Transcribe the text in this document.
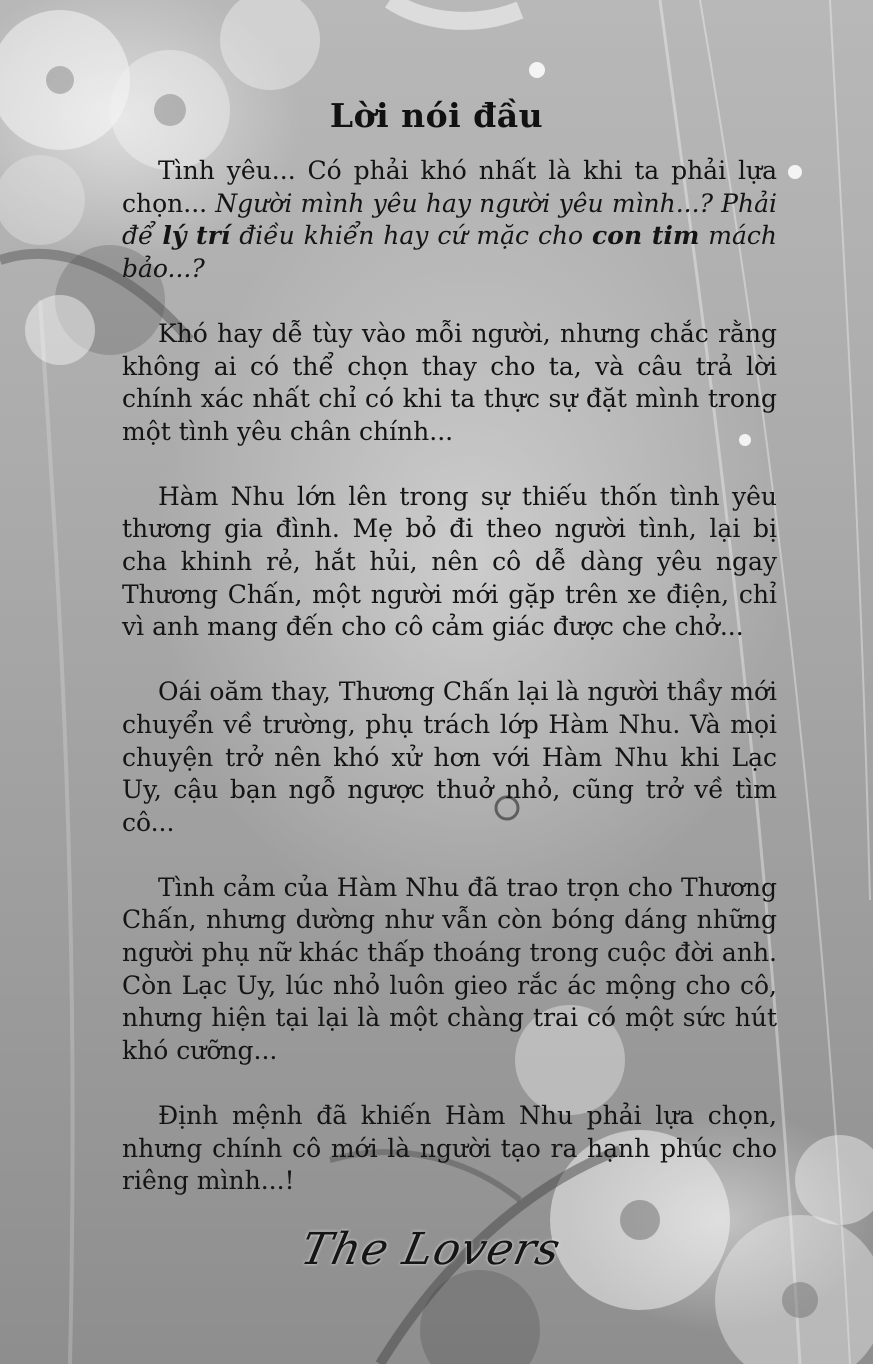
Lời nói đầu

Tình yêu... Có phải khó nhất là khi ta phải lựa chọn... Người mình yêu hay người yêu mình...? Phải để lý trí điều khiển hay cứ mặc cho con tim mách bảo...?

Khó hay dễ tùy vào mỗi người, nhưng chắc rằng không ai có thể chọn thay cho ta, và câu trả lời chính xác nhất chỉ có khi ta thực sự đặt mình trong một tình yêu chân chính...

Hàm Nhu lớn lên trong sự thiếu thốn tình yêu thương gia đình. Mẹ bỏ đi theo người tình, lại bị cha khinh rẻ, hắt hủi, nên cô dễ dàng yêu ngay Thương Chấn, một người mới gặp trên xe điện, chỉ vì anh mang đến cho cô cảm giác được che chở...

Oái oăm thay, Thương Chấn lại là người thầy mới chuyển về trường, phụ trách lớp Hàm Nhu. Và mọi chuyện trở nên khó xử hơn với Hàm Nhu khi Lạc Uy, cậu bạn ngỗ ngược thuở nhỏ, cũng trở về tìm cô...

Tình cảm của Hàm Nhu đã trao trọn cho Thương Chấn, nhưng dường như vẫn còn bóng dáng những người phụ nữ khác thấp thoáng trong cuộc đời anh. Còn Lạc Uy, lúc nhỏ luôn gieo rắc ác mộng cho cô, nhưng hiện tại lại là một chàng trai có một sức hút khó cưỡng...

Định mệnh đã khiến Hàm Nhu phải lựa chọn, nhưng chính cô mới là người tạo ra hạnh phúc cho riêng mình...!

The Lovers
